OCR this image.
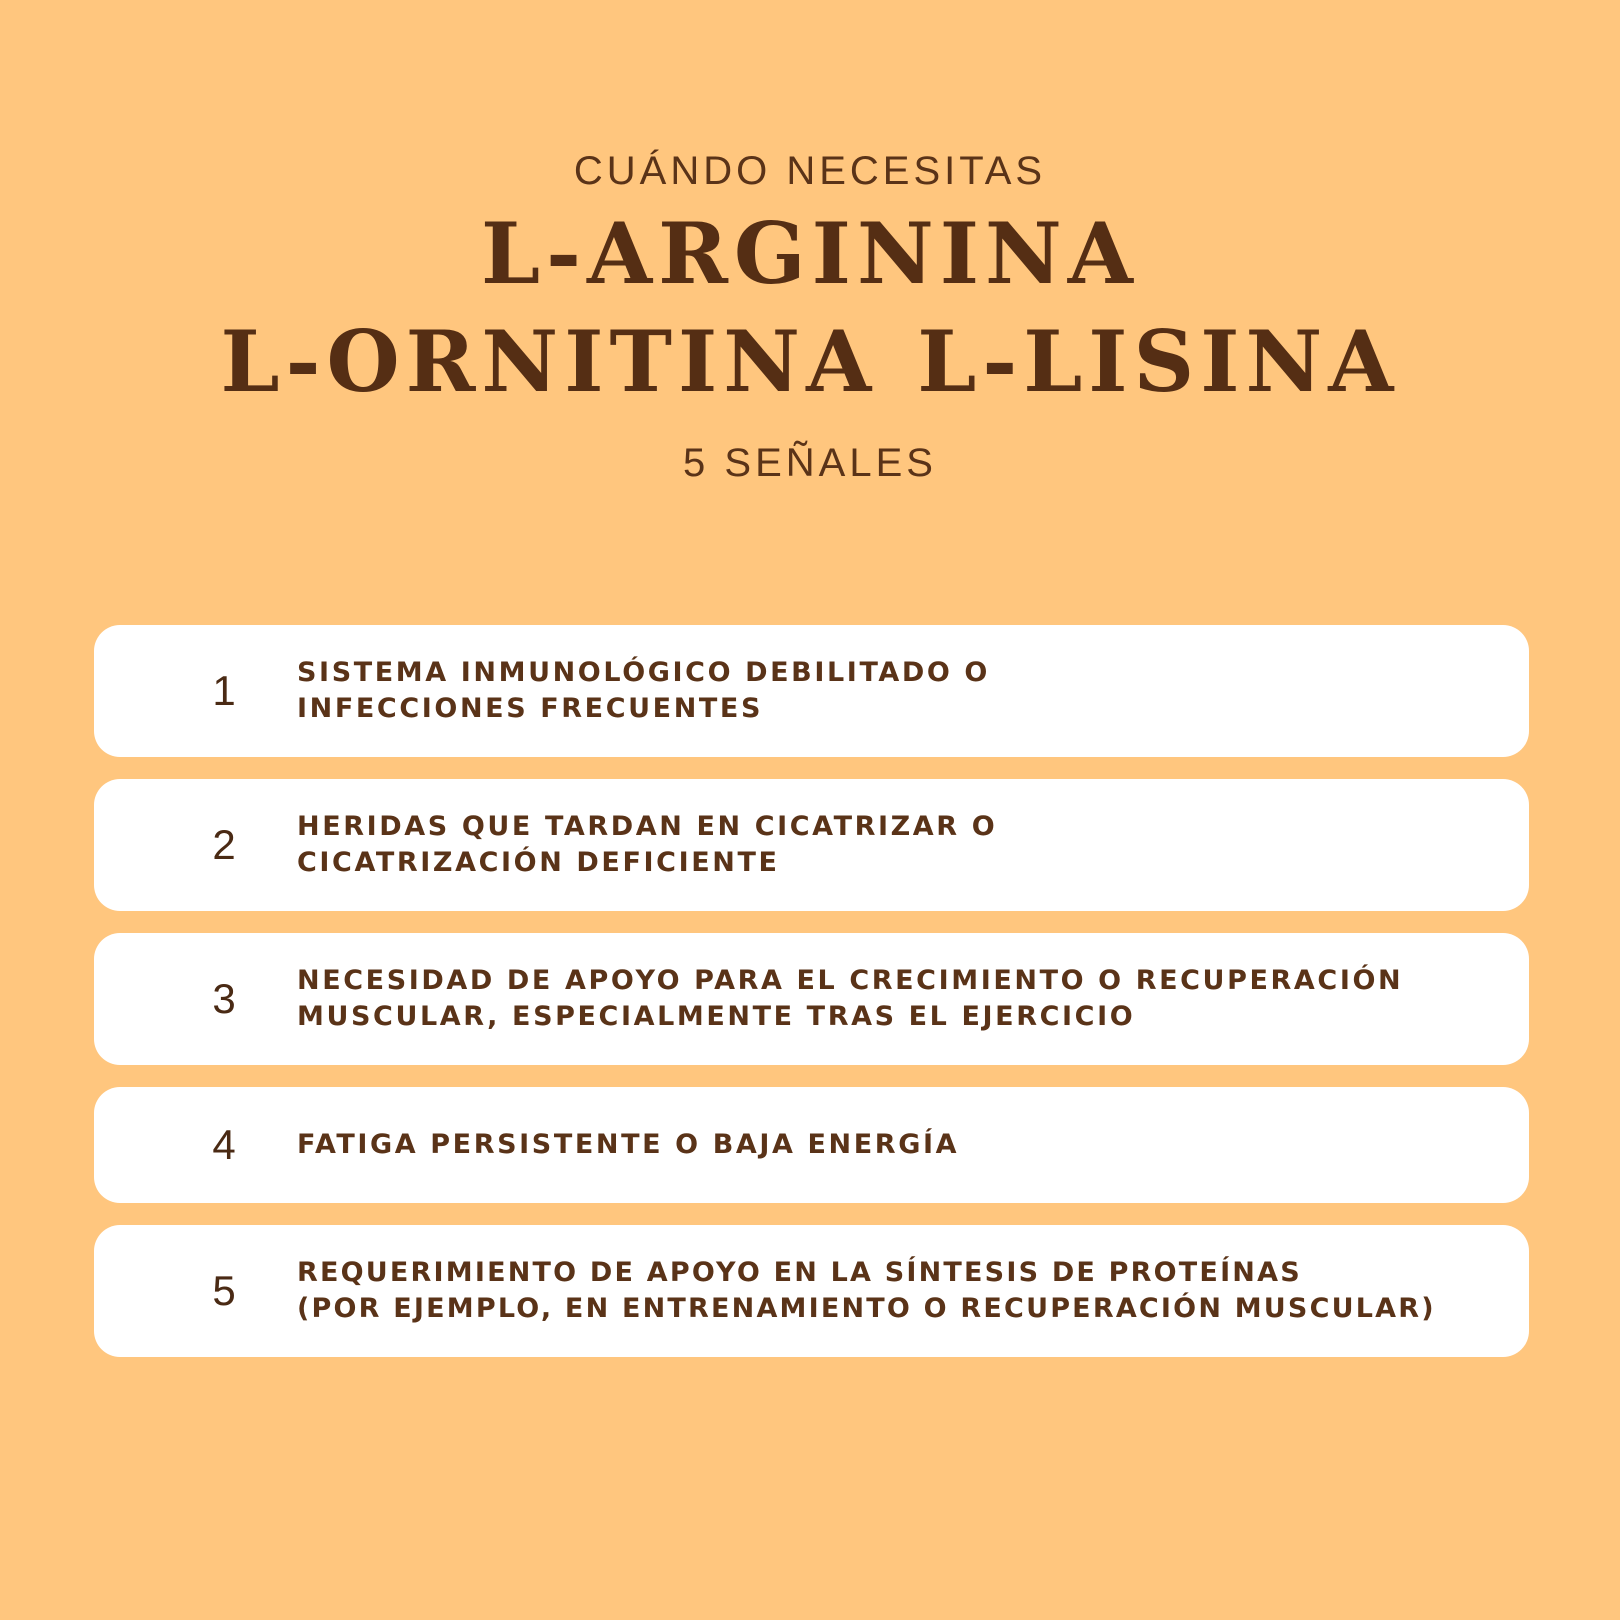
CUÁNDO NECESITAS
L-ARGININA
L-ORNITINA L-LISINA
5 SEÑALES
1	SISTEMA INMUNOLÓGICO DEBILITADO O
INFECCIONES FRECUENTES
2	HERIDAS QUE TARDAN EN CICATRIZAR O
CICATRIZACIÓN DEFICIENTE
3	NECESIDAD DE APOYO PARA EL CRECIMIENTO O RECUPERACIÓN
MUSCULAR, ESPECIALMENTE TRAS EL EJERCICIO
4	FATIGA PERSISTENTE O BAJA ENERGÍA
5	REQUERIMIENTO DE APOYO EN LA SÍNTESIS DE PROTEÍNAS
(POR EJEMPLO, EN ENTRENAMIENTO O RECUPERACIÓN MUSCULAR)
